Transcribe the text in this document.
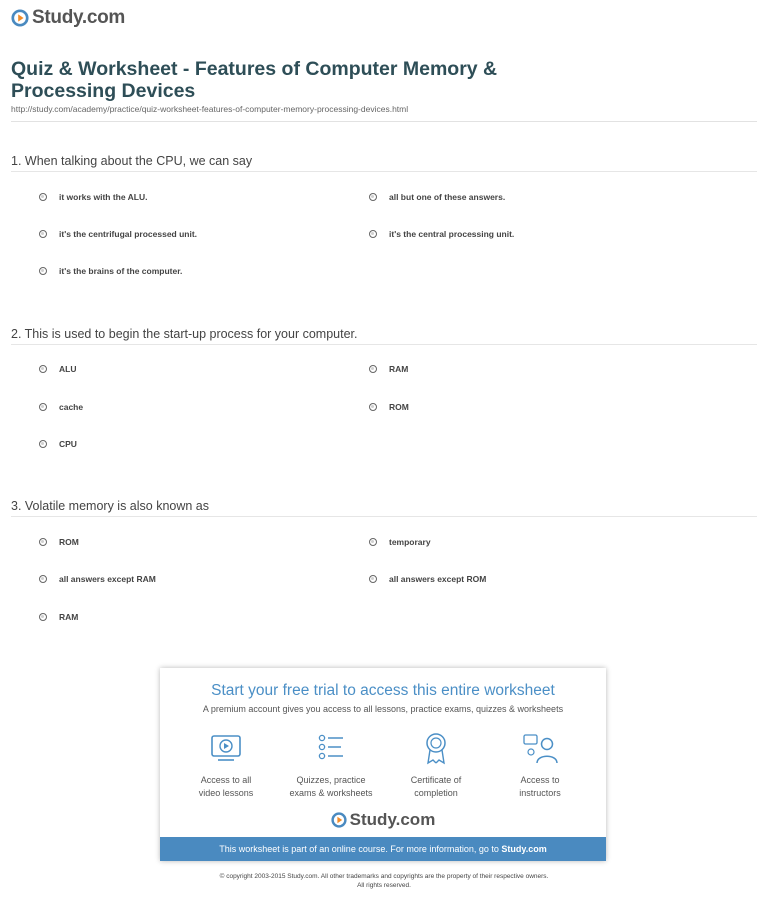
Study.com
Quiz & Worksheet - Features of Computer Memory &
Processing Devices
http://study.com/academy/practice/quiz-worksheet-features-of-computer-memory-processing-devices.html
1. When talking about the CPU, we can say
it works with the ALU.	all but one of these answers.
it's the centrifugal processed unit.	it's the central processing unit.
it's the brains of the computer.
2. This is used to begin the start-up process for your computer.
ALU	RAM
cache	ROM
CPU
3. Volatile memory is also known as
ROM	temporary
all answers except RAM	all answers except ROM
RAM
Start your free trial to access this entire worksheet
A premium account gives you access to all lessons, practice exams, quizzes & worksheets
Access to all
video lessons
Quizzes, practice
exams & worksheets
Certificate of
completion
Access to
instructors
Study.com
This worksheet is part of an online course. For more information, go to Study.com
© copyright 2003-2015 Study.com. All other trademarks and copyrights are the property of their respective owners.
All rights reserved.
